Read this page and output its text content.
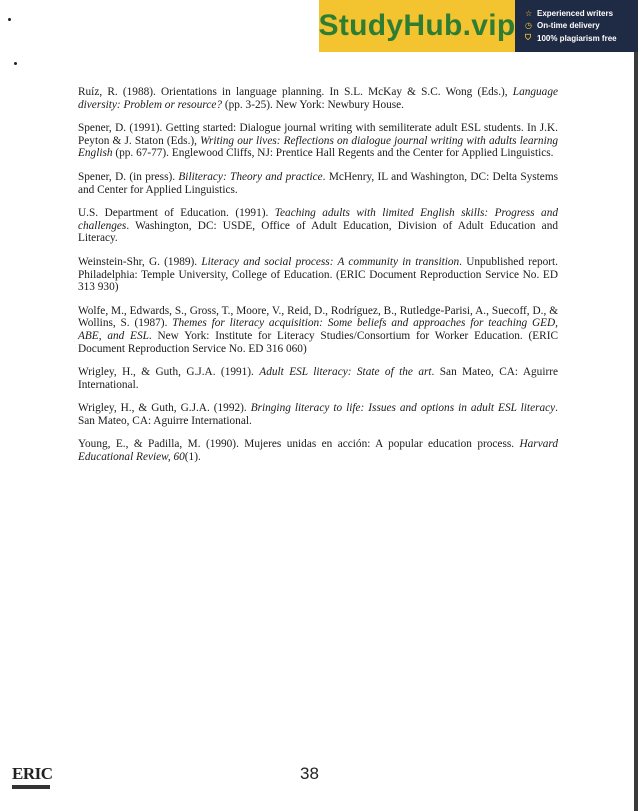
StudyHub.vip ☆ Experienced writers
◷ On-time delivery
⛉ 100% plagiarism free

Ruíz, R. (1988). Orientations in language planning. In S.L. McKay & S.C. Wong (Eds.), Language diversity: Problem or resource? (pp. 3-25). New York: Newbury House.

Spener, D. (1991). Getting started: Dialogue journal writing with semiliterate adult ESL students. In J.K. Peyton & J. Staton (Eds.), Writing our lives: Reflections on dialogue journal writing with adults learning English (pp. 67-77). Englewood Cliffs, NJ: Prentice Hall Regents and the Center for Applied Linguistics.

Spener, D. (in press). Biliteracy: Theory and practice. McHenry, IL and Washington, DC: Delta Systems and Center for Applied Linguistics.

U.S. Department of Education. (1991). Teaching adults with limited English skills: Progress and challenges. Washington, DC: USDE, Office of Adult Education, Division of Adult Education and Literacy.

Weinstein-Shr, G. (1989). Literacy and social process: A community in transition. Unpublished report. Philadelphia: Temple University, College of Education. (ERIC Document Reproduction Service No. ED 313 930)

Wolfe, M., Edwards, S., Gross, T., Moore, V., Reid, D., Rodríguez, B., Rutledge-Parisi, A., Suecoff, D., & Wollins, S. (1987). Themes for literacy acquisition: Some beliefs and approaches for teaching GED, ABE, and ESL. New York: Institute for Literacy Studies/Consortium for Worker Education. (ERIC Document Reproduction Service No. ED 316 060)

Wrigley, H., & Guth, G.J.A. (1991). Adult ESL literacy: State of the art. San Mateo, CA: Aguirre International.

Wrigley, H., & Guth, G.J.A. (1992). Bringing literacy to life: Issues and options in adult ESL literacy. San Mateo, CA: Aguirre International.

Young, E., & Padilla, M. (1990). Mujeres unidas en acción: A popular education process. Harvard Educational Review, 60(1).

ERIC	38
